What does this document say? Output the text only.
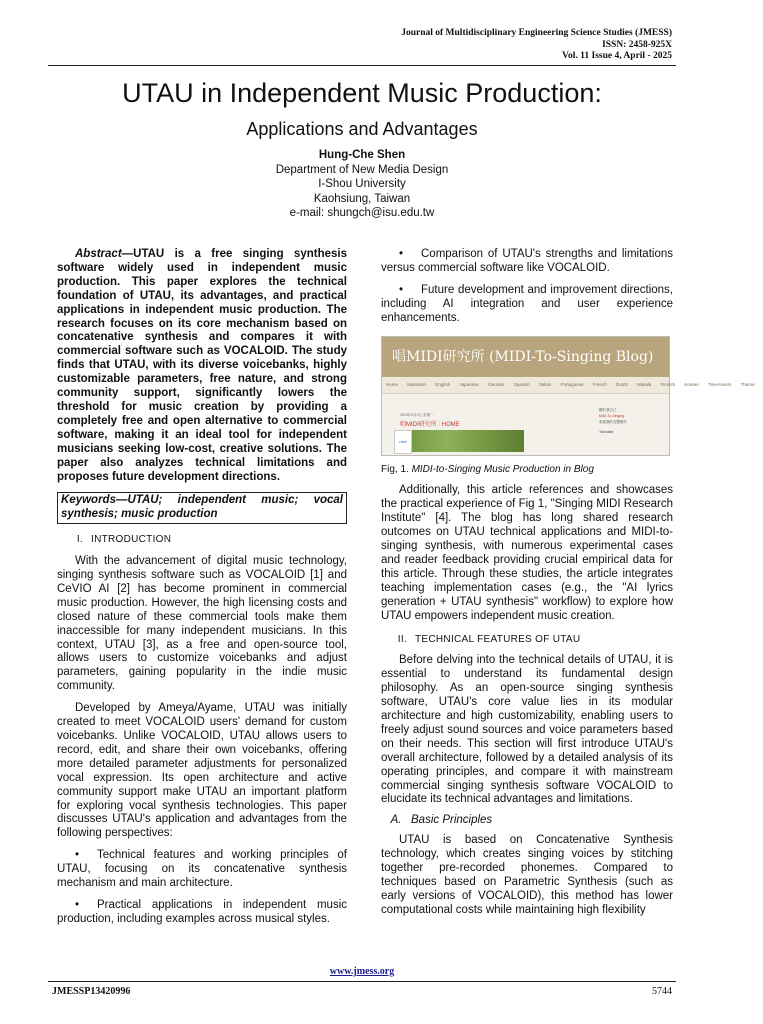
Journal of Multidisciplinary Engineering Science Studies (JMESS)
ISSN: 2458-925X
Vol. 11 Issue 4, April - 2025
UTAU in Independent Music Production:
Applications and Advantages
Hung-Che Shen
Department of New Media Design
I-Shou University
Kaohsiung, Taiwan
e-mail: shungch@isu.edu.tw

Abstract—UTAU is a free singing synthesis software widely used in independent music production. This paper explores the technical foundation of UTAU, its advantages, and practical applications in independent music production. The research focuses on its core mechanism based on concatenative synthesis and compares it with commercial software such as VOCALOID. The study finds that UTAU, with its diverse voicebanks, highly customizable parameters, free nature, and strong community support, significantly lowers the threshold for music creation by providing a completely free and open alternative to commercial software, making it an ideal tool for independent musicians seeking low-cost, creative solutions. The paper also analyzes technical limitations and proposes future development directions.

Keywords—UTAU; independent music; vocal synthesis; music production
I. INTRODUCTION

With the advancement of digital music technology, singing synthesis software such as VOCALOID [1] and CeVIO AI [2] has become prominent in commercial music production. However, the high licensing costs and closed nature of these commercial tools make them inaccessible for many independent musicians. In this context, UTAU [3], as a free and open-source tool, allows users to customize voicebanks and adjust parameters, gaining popularity in the indie music community.

Developed by Ameya/Ayame, UTAU was initially created to meet VOCALOID users' demand for custom voicebanks. Unlike VOCALOID, UTAU allows users to record, edit, and share their own voicebanks, offering more detailed parameter adjustments for personalized vocal expression. Its open architecture and active community support make UTAU an important platform for exploring vocal synthesis technologies. This paper discusses UTAU's application and advantages from the following perspectives:

• Technical features and working principles of UTAU, focusing on its concatenative synthesis mechanism and main architecture.

• Practical applications in independent music production, including examples across musical styles.

• Comparison of UTAU's strengths and limitations versus commercial software like VOCALOID.

• Future development and improvement directions, including AI integration and user experience enhancements.

唱MIDI研究所 (MIDI-To-Singing Blog)
Home Mandarin English Japanese German Spanish Italian Portuguese French Dutch Malaila Finnish Korean Time-lovers Theme
2019年3月4日 星期一
唱MIDI研究所 : HOME
midi
關於我自己
MIDI-To-Singing
查看我的完整簡介
Translate
Fig, 1. MIDI-to-Singing Music Production in Blog

Additionally, this article references and showcases the practical experience of Fig 1, "Singing MIDI Research Institute" [4]. The blog has long shared research outcomes on UTAU technical applications and MIDI-to-singing synthesis, with numerous experimental cases and reader feedback providing crucial empirical data for this article. Through these studies, the article integrates teaching implementation cases (e.g., the "AI lyrics generation + UTAU synthesis" workflow) to explore how UTAU empowers independent music creation.

II. TECHNICAL FEATURES OF UTAU

Before delving into the technical details of UTAU, it is essential to understand its fundamental design philosophy. As an open-source singing synthesis software, UTAU's core value lies in its modular architecture and high customizability, enabling users to freely adjust sound sources and voice parameters based on their needs. This section will first introduce UTAU's overall architecture, followed by a detailed analysis of its operating principles, and compare it with mainstream commercial singing synthesis software VOCALOID to elucidate its technical advantages and limitations.

A. Basic Principles

UTAU is based on Concatenative Synthesis technology, which creates singing voices by stitching together pre-recorded phonemes. Compared to techniques based on Parametric Synthesis (such as early versions of VOCALOID), this method has lower computational costs while maintaining high flexibility

www.jmess.org
JMESSP13420996	5744
